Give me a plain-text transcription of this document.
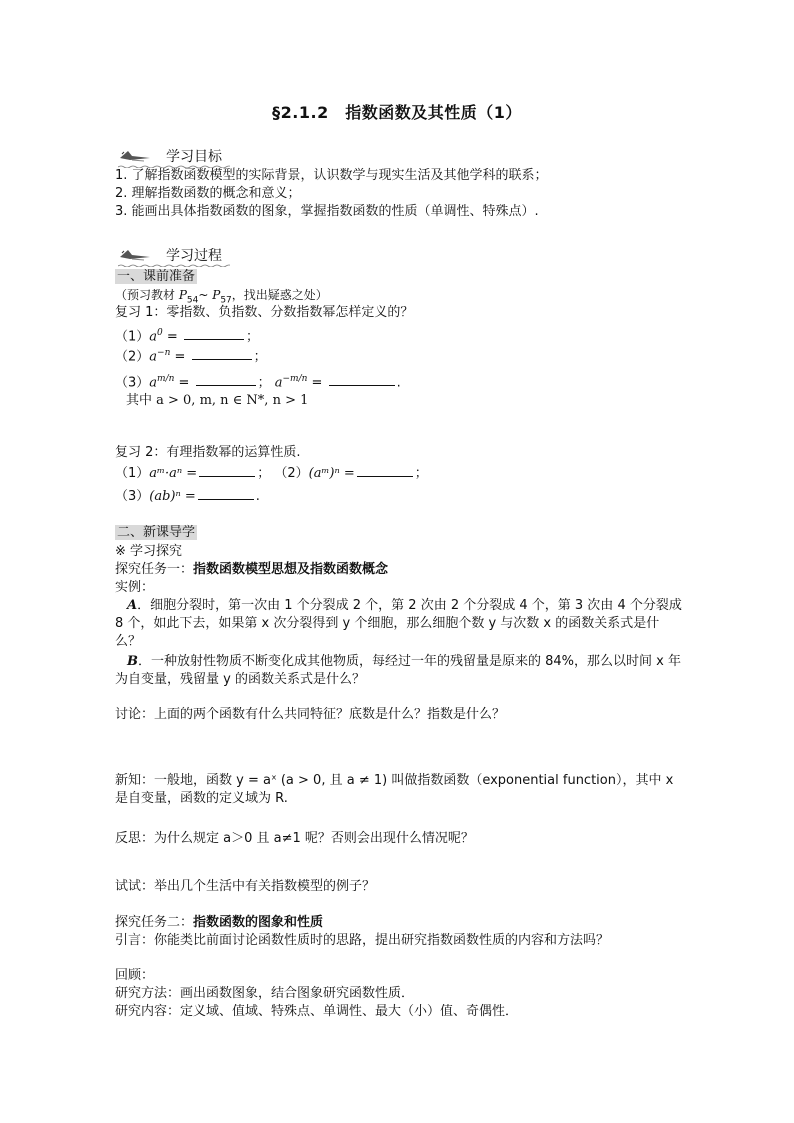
§2.1.2　指数函数及其性质（1）
学习目标
1. 了解指数函数模型的实际背景，认识数学与现实生活及其他学科的联系；
2. 理解指数函数的概念和意义；
3. 能画出具体指数函数的图象，掌握指数函数的性质（单调性、特殊点）.
学习过程
一、课前准备
（预习教材 $P_{54}\sim$ $P_{57}$，找出疑惑之处）
复习 1：零指数、负指数、分数指数幂怎样定义的？
$(1)a^0$ =	；
$(2)a^{-n}$ =	；
$(3)a^{m/n}$ =	； $a^{-m/n}$ =	.
其中 a > 0, m, n ∈ N*, n > 1
复习 2：有理指数幂的运算性质.
（1）aᵐ·aⁿ =	； （2）(aᵐ)ⁿ =	；
（3）(ab)ⁿ =	.
二、新课导学
※ 学习探究
探究任务一：指数函数模型思想及指数函数概念
实例：
A．细胞分裂时，第一次由 1 个分裂成 2 个，第 2 次由 2 个分裂成 4 个，第 3 次由 4 个分裂成 8 个，如此下去，如果第 x 次分裂得到 y 个细胞，那么细胞个数 y 与次数 x 的函数关系式是什么？
B．一种放射性物质不断变化成其他物质，每经过一年的残留量是原来的 84%，那么以时间 x 年为自变量，残留量 y 的函数关系式是什么？
讨论：上面的两个函数有什么共同特征？底数是什么？指数是什么？
新知：一般地，函数 y = aˣ (a > 0, 且 a ≠ 1) 叫做指数函数（exponential function），其中 x 是自变量，函数的定义域为 R.
反思：为什么规定 a＞0 且 a≠1 呢？否则会出现什么情况呢？
试试：举出几个生活中有关指数模型的例子？
探究任务二：指数函数的图象和性质
引言：你能类比前面讨论函数性质时的思路，提出研究指数函数性质的内容和方法吗？
回顾：
研究方法：画出函数图象，结合图象研究函数性质．
研究内容：定义域、值域、特殊点、单调性、最大（小）值、奇偶性．
